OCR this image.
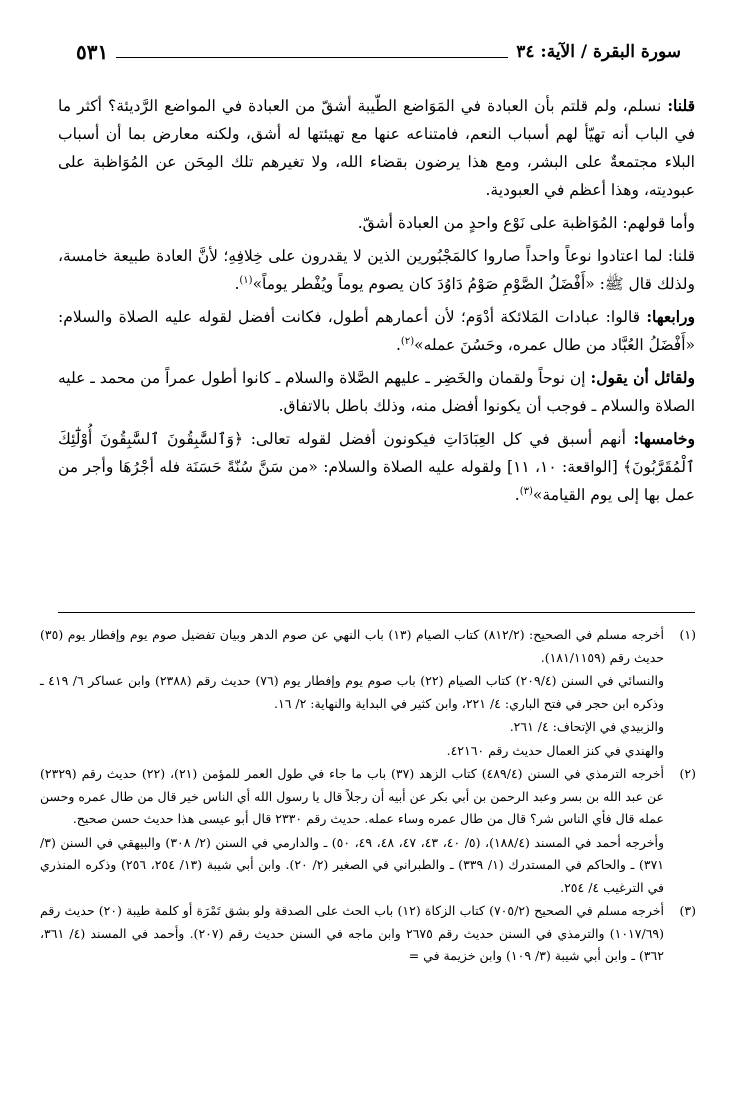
سورة البقرة / الآية: ٣٤
٥٣١

قلنا: نسلم، ولم قلتم بأن العبادة في المَوَاضع الطّيبة أشقّ من العبادة في المواضع الرَّديئة؟ أكثر ما في الباب أنه تهيّأ لهم أسباب النعم، فامتناعه عنها مع تهيئتها له أشق، ولكنه معارض بما أن أسباب البلاء مجتمعةٌ على البشر، ومع هذا يرضون بقضاء الله، ولا تغيرهم تلك المِحَن عن المُوَاظبة على عبوديته، وهذا أعظم في العبودية.

وأما قولهم: المُوَاظبة على نَوْع واحدٍ من العبادة أشقّ.

قلنا: لما اعتادوا نوعاً واحداً صاروا كالمَجْبُورين الذين لا يقدرون على خِلافِهِ؛ لأنَّ العادة طبيعة خامسة، ولذلك قال ﷺ: «أَفْضَلُ الصَّوْمِ صَوْمُ دَاوُدَ كان يصوم يوماً ويُفْطر يوماً»$^{(١)}$.

ورابعها: قالوا: عبادات المَلائكة أدْوَم؛ لأن أعمارهم أطول، فكانت أفضل لقوله عليه الصلاة والسلام: «أَفْضَلُ العُبَّاد من طال عمره، وحَسُنَ عمله»$^{(٢)}$.

ولقائل أن يقول: إن نوحاً ولقمان والخَضِر ـ عليهم الصَّلاة والسلام ـ كانوا أطول عمراً من محمد ـ عليه الصلاة والسلام ـ فوجب أن يكونوا أفضل منه، وذلك باطل بالاتفاق.

وخامسها: أنهم أسبق في كل العِبَادَاتِ فيكونون أفضل لقوله تعالى: ﴿وَٱلسَّٰبِقُونَ ٱلسَّٰبِقُونَ أُوْلَٰٓئِكَ ٱلْمُقَرَّبُونَ﴾ [الواقعة: ١٠، ١١] ولقوله عليه الصلاة والسلام: «من سَنَّ سُنّةً حَسَنَة فله أجْرُهَا وأجر من عمل بها إلى يوم القيامة»$^{(٣)}$.

(١)

أخرجه مسلم في الصحيح: (٨١٢/٢) كتاب الصيام (١٣) باب النهي عن صوم الدهر وبيان تفضيل صوم يوم وإفطار يوم (٣٥) حديث رقم (١٨١/١١٥٩).

والنسائي في السنن (٢٠٩/٤) كتاب الصيام (٢٢) باب صوم يوم وإفطار يوم (٧٦) حديث رقم (٢٣٨٨) وابن عساكر ٦/ ٤١٩ ـ وذكره ابن حجر في فتح الباري: ٤/ ٢٢١، وابن كثير في البداية والنهاية: ٢/ ١٦.

والزبيدي في الإتحاف: ٤/ ٢٦١.

والهندي في كنز العمال حديث رقم ٤٢١٦٠.

(٢)

أخرجه الترمذي في السنن (٤٨٩/٤) كتاب الزهد (٣٧) باب ما جاء في طول العمر للمؤمن (٢١)، (٢٢) حديث رقم (٢٣٢٩) عن عبد الله بن بسر وعبد الرحمن بن أبي بكر عن أبيه أن رجلاً قال يا رسول الله أي الناس خير قال من طال عمره وحسن عمله قال فأي الناس شر؟ قال من طال عمره وساء عمله. حديث رقم ٢٣٣٠ قال أبو عيسى هذا حديث حسن صحيح.

وأخرجه أحمد في المسند (١٨٨/٤)، (٥/ ٤٠، ٤٣، ٤٧، ٤٨، ٤٩، ٥٠) ـ والدارمي في السنن (٢/ ٣٠٨) والبيهقي في السنن (٣/ ٣٧١) ـ والحاكم في المستدرك (١/ ٣٣٩) ـ والطبراني في الصغير (٢/ ٢٠). وابن أبي شيبة (١٣/ ٢٥٤، ٢٥٦) وذكره المنذري في الترغيب ٤/ ٢٥٤.

(٣)

أخرجه مسلم في الصحيح (٧٠٥/٢) كتاب الزكاة (١٢) باب الحث على الصدقة ولو بشق تَمْرَة أو كلمة طيبة (٢٠) حديث رقم (١٠١٧/٦٩) والترمذي في السنن حديث رقم ٢٦٧٥ وابن ماجه في السنن حديث رقم (٢٠٧). وأحمد في المسند (٤/ ٣٦١، ٣٦٢) ـ وابن أبي شيبة (٣/ ١٠٩) وابن خزيمة في =
